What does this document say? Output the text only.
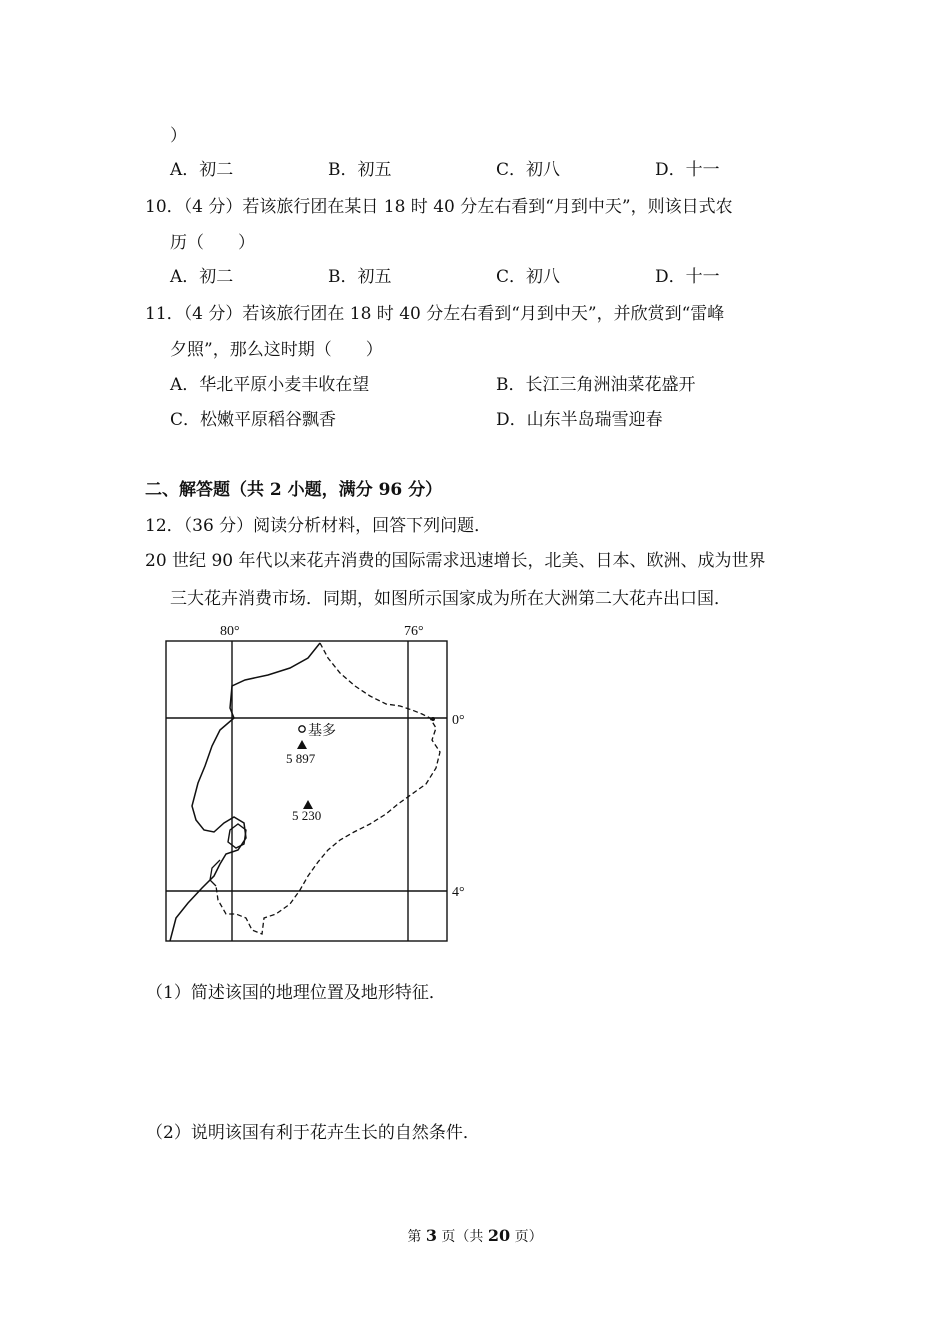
）
A．初二	B．初五	C．初八	D．十一
10．（4 分）若该旅行团在某日 18 时 40 分左右看到“月到中天”，则该日式农
历（　　）
A．初二	B．初五	C．初八	D．十一
11．（4 分）若该旅行团在 18 时 40 分左右看到“月到中天”，并欣赏到“雷峰
夕照”，那么这时期（　　）
A．华北平原小麦丰收在望	B．长江三角洲油菜花盛开
C．松嫩平原稻谷飘香	D．山东半岛瑞雪迎春
二、解答题（共 2 小题，满分 96 分）
12．（36 分）阅读分析材料，回答下列问题．
20 世纪 90 年代以来花卉消费的国际需求迅速增长，北美、日本、欧洲、成为世界
三大花卉消费市场．同期，如图所示国家成为所在大洲第二大花卉出口国．
80°	76°
0°
4°
基多
5 897
5 230
（1）简述该国的地理位置及地形特征．
（2）说明该国有利于花卉生长的自然条件．
第 3 页（共 20 页）
